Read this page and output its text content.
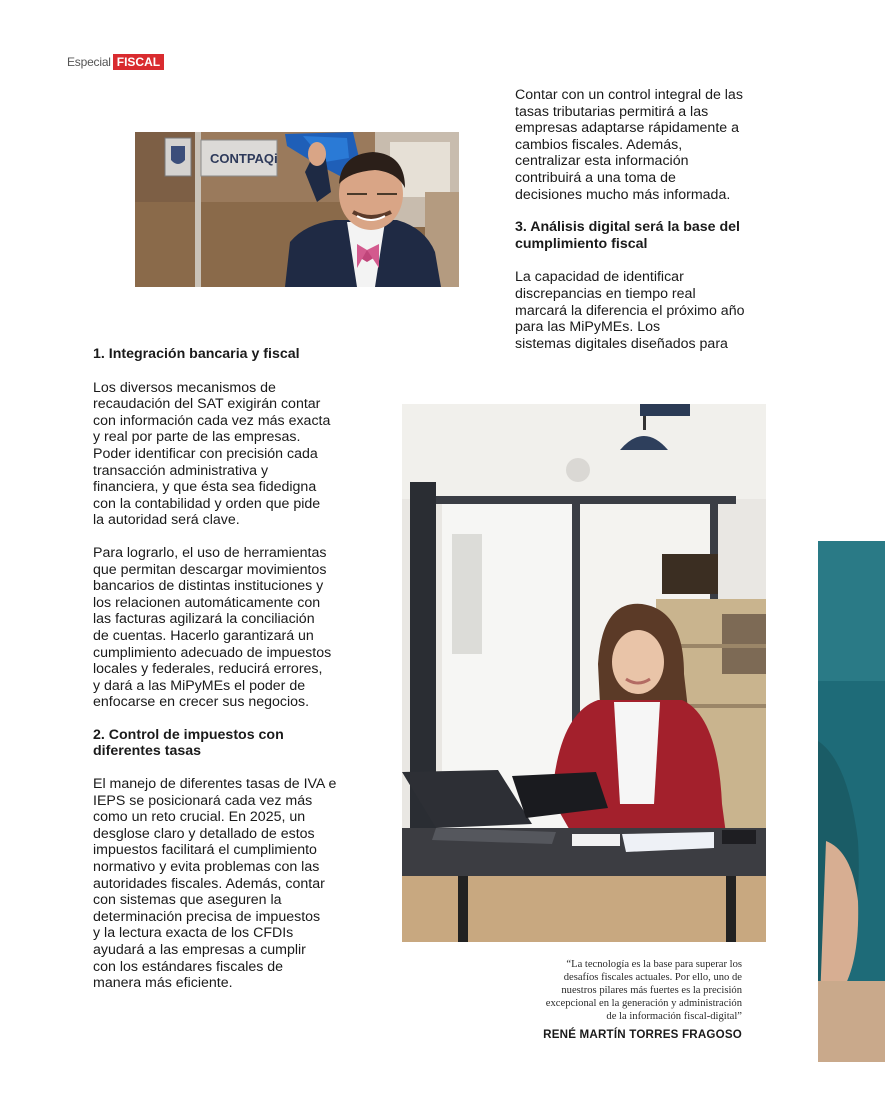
Especial FISCAL
CONTPAQi

Contar con un control integral de las
tasas tributarias permitirá a las
empresas adaptarse rápidamente a
cambios fiscales. Además,
centralizar esta información
contribuirá a una toma de
decisiones mucho más informada.

3. Análisis digital será la base del
cumplimiento fiscal

La capacidad de identificar
discrepancias en tiempo real
marcará la diferencia el próximo año
para las MiPyMEs. Los
sistemas digitales diseñados para

1. Integración bancaria y fiscal

Los diversos mecanismos de
recaudación del SAT exigirán contar
con información cada vez más exacta
y real por parte de las empresas.
Poder identificar con precisión cada
transacción administrativa y
financiera, y que ésta sea fidedigna
con la contabilidad y orden que pide
la autoridad será clave.

Para lograrlo, el uso de herramientas
que permitan descargar movimientos
bancarios de distintas instituciones y
los relacionen automáticamente con
las facturas agilizará la conciliación
de cuentas. Hacerlo garantizará un
cumplimiento adecuado de impuestos
locales y federales, reducirá errores,
y dará a las MiPyMEs el poder de
enfocarse en crecer sus negocios.

2. Control de impuestos con
diferentes tasas

El manejo de diferentes tasas de IVA e
IEPS se posicionará cada vez más
como un reto crucial. En 2025, un
desglose claro y detallado de estos
impuestos facilitará el cumplimiento
normativo y evita problemas con las
autoridades fiscales. Además, contar
con sistemas que aseguren la
determinación precisa de impuestos
y la lectura exacta de los CFDIs
ayudará a las empresas a cumplir
con los estándares fiscales de
manera más eficiente.

“La tecnología es la base para superar los
desafíos fiscales actuales. Por ello, uno de
nuestros pilares más fuertes es la precisión
excepcional en la generación y administración
de la información fiscal-digital”
RENÉ MARTÍN TORRES FRAGOSO
